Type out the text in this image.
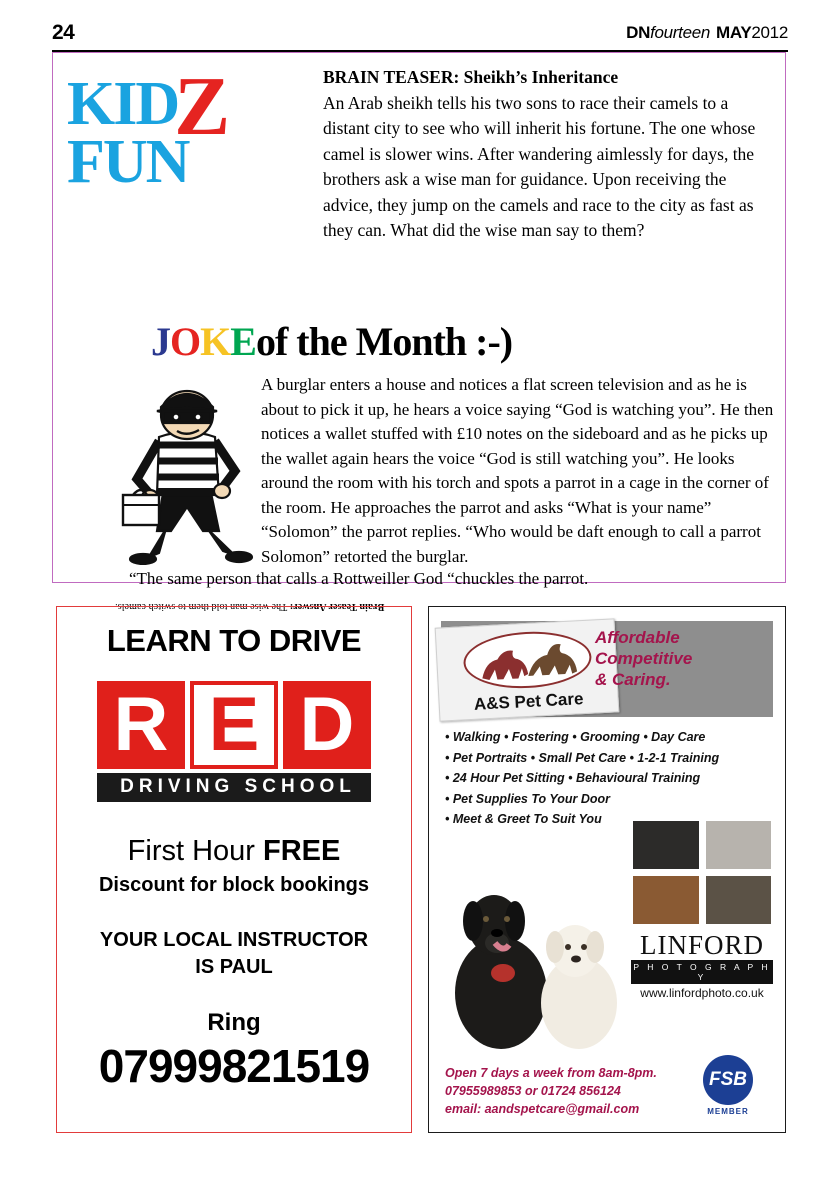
24	DNfourteen MAY2012
KIDZ
FUN
BRAIN TEASER: Sheikh’s Inheritance
An Arab sheikh tells his two sons to race their camels to a distant city to see who will inherit his fortune. The one whose camel is slower wins. After wandering aimlessly for days, the brothers ask a wise man for guidance. Upon receiving the advice, they jump on the camels and race to the city as fast as they can. What did the wise man say to them?
JOKEof the Month :-)
A burglar enters a house and notices a flat screen television and as he is about to pick it up, he hears a voice saying “God is watching you”. He then notices a wallet stuffed with £10 notes on the sideboard and as he picks up the wallet again hears the voice “God is still watching you”. He looks around the room with his torch and spots a parrot in a cage in the corner of the room. He approaches the parrot and asks “What is your name” “Solomon” the parrot replies. “Who would be daft enough to call a parrot Solomon” retorted the burglar.
“The same person that calls a Rottweiller God “chuckles the parrot.
Brain Teaser Answer: The wise man told them to switch camels.
LEARN TO DRIVE
R E D
DRIVING SCHOOL
First Hour FREE
Discount for block bookings
YOUR LOCAL INSTRUCTOR
IS PAUL
Ring
07999821519
A&S Pet Care
Affordable
Competitive
& Caring.
• Walking • Fostering • Grooming • Day Care
• Pet Portraits • Small Pet Care • 1-2-1 Training
• 24 Hour Pet Sitting • Behavioural Training
• Pet Supplies To Your Door
• Meet & Greet To Suit You
LINFORD
P H O T O G R A P H Y
www.linfordphoto.co.uk
Open 7 days a week from 8am-8pm.
07955989853 or 01724 856124
email: aandspetcare@gmail.com
FSB
MEMBER
